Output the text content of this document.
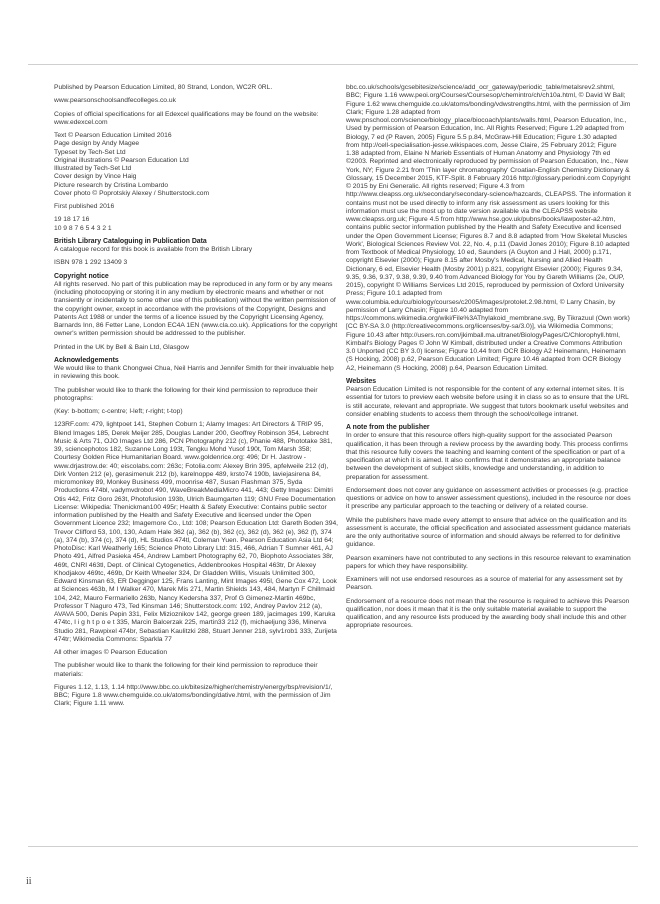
Published by Pearson Education Limited, 80 Strand, London, WC2R 0RL.

www.pearsonschoolsandfecolleges.co.uk

Copies of official specifications for all Edexcel qualifications may be found on the website: www.edexcel.com

Text © Pearson Education Limited 2016
Page design by Andy Magee
Typeset by Tech-Set Ltd
Original illustrations © Pearson Education Ltd
Illustrated by Tech-Set Ltd
Cover design by Vince Haig
Picture research by Cristina Lombardo
Cover photo © Poprotskiy Alexey / Shutterstock.com

First published 2016

19 18 17 16
10 9 8 7 6 5 4 3 2 1

British Library Cataloguing in Publication Data

A catalogue record for this book is available from the British Library

ISBN 978 1 292 13409 3

Copyright notice

All rights reserved. No part of this publication may be reproduced in any form or by any means (including photocopying or storing it in any medium by electronic means and whether or not transiently or incidentally to some other use of this publication) without the written permission of the copyright owner, except in accordance with the provisions of the Copyright, Designs and Patents Act 1988 or under the terms of a licence issued by the Copyright Licensing Agency, Barnards Inn, 86 Fetter Lane, London EC4A 1EN (www.cla.co.uk). Applications for the copyright owner's written permission should be addressed to the publisher.

Printed in the UK by Bell & Bain Ltd, Glasgow

Acknowledgements

We would like to thank Chongwei Chua, Neil Harris and Jennifer Smith for their invaluable help in reviewing this book.

The publisher would like to thank the following for their kind permission to reproduce their photographs:

(Key: b-bottom; c-centre; l-left; r-right; t-top)

123RF.com: 479, lightpoet 141, Stephen Coburn 1; Alamy Images: Art Directors & TRIP 95, Blend Images 185, Derek Meijer 285, Douglas Lander 200, Geoffrey Robinson 354, Lebrecht Music & Arts 71, OJO Images Ltd 286, PCN Photography 212 (c), Phanie 488, Phototake 381, 39, sciencephotos 182, Suzanne Long 193t, Tengku Mohd Yusof 190t, Tom Marsh 358; Courtesy Golden Rice Humanitarian Board. www.goldenrice.org: 496; Dr H. Jastrow - www.drjastrow.de: 40; eiscolabs.com: 263c; Fotolia.com: Alexey Brin 395, apfelweile 212 (d), Dirk Vonten 212 (e), gerasimenuk 212 (b), karelnoppe 489, krsto74 190b, laviejasirena 84, micromonkey 89, Monkey Business 499, moonrise 487, Susan Flashman 375, Syda Productions 474bl, vadymvdrobot 490, WaveBreakMediaMicro 441, 443; Getty Images: Dimitri Otis 442, Fritz Goro 263t, Photofusion 193b, Ulrich Baumgarten 119; GNU Free Documentation License: Wikipedia: Thenickman100 495r; Health & Safety Executive: Contains public sector information published by the Health and Safety Executive and licensed under the Open Government Licence 232; Imagemore Co., Ltd: 108; Pearson Education Ltd: Gareth Boden 394, Trevor Clifford 53, 100, 130, Adam Hale 362 (a), 362 (b), 362 (c), 362 (d), 362 (e), 362 (f), 374 (a), 374 (b), 374 (c), 374 (d), HL Studios 474tl, Coleman Yuen. Pearson Education Asia Ltd 64; PhotoDisc: Karl Weatherly 165; Science Photo Library Ltd: 315, 466, Adrian T Sumner 461, AJ Photo 491, Alfred Pasieka 454, Andrew Lambert Photography 62, 70, Biophoto Associates 38r, 469t, CNRI 463tl, Dept. of Clinical Cytogenetics, Addenbrookes Hospital 463tr, Dr Alexey Khodjakov 469tc, 469b, Dr Keith Wheeler 324, Dr Gladden Willis, Visuals Unlimited 300, Edward Kinsman 63, ER Degginger 125, Frans Lanting, Mint Images 495l, Gene Cox 472, Look at Sciences 463b, M I Walker 470, Marek Mis 271, Martin Shields 143, 484, Martyn F Chillmaid 104, 242, Mauro Fermariello 263b, Nancy Kedersha 337, Prof G Gimenez-Martin 469bc, Professor T Naguro 473, Ted Kinsman 146; Shutterstock.com: 192, Andrey Pavlov 212 (a), AVAVA 500, Denis Pepin 331, Felix Mizioznikov 142, george green 189, jacimages 199, Karuka 474tc, I i g h t p o e t 335, Marcin Balcerzak 225, martin33 212 (f), michaeljung 336, Minerva Studio 281, Rawpixel 474br, Sebastian Kaulitzki 288, Stuart Jenner 218, sylv1rob1 333, Zurijeta 474tr; Wikimedia Commons: Sparkla 77

All other images © Pearson Education

The publisher would like to thank the following for their kind permission to reproduce their materials:

Figures 1.12, 1.13, 1.14 http://www.bbc.co.uk/bitesize/higher/chemistry/energy/bsp/revision/1/, BBC; Figure 1.8 www.chemguide.co.uk/atoms/bonding/dative.html, with the permission of Jim Clark; Figure 1.11 www.

bbc.co.uk/schools/gcsebitesize/science/add_ocr_gateway/periodic_table/metalsrev2.shtml, BBC; Figure 1.16 www.peoi.org/Courses/Coursesop/chemintro/ch/ch10a.html, © David W Ball; Figure 1.62 www.chemguide.co.uk/atoms/bonding/vdwstrengths.html, with the permission of Jim Clark; Figure 1.28 adapted from www.pnschool.com/science/biology_place/biocoach/plants/walls.html, Pearson Education, Inc., Used by permission of Pearson Education, Inc. All Rights Reserved; Figure 1.29 adapted from Biology, 7 ed (P Raven, 2005) Figure 5.5 p.84, McGraw-Hill Education; Figure 1.30 adapted from http://cell-specialisation-jesse.wikispaces.com, Jesse Claire, 25 February 2012; Figure 1.38 adapted from, Elaine N Marieb Essentials of Human Anatomy and Physiology 7th ed ©2003. Reprinted and electronically reproduced by permission of Pearson Education, Inc., New York, NY; Figure 2.21 from 'Thin layer chromatography' Croatian-English Chemistry Dictionary & Glossary, 15 December 2015, KTF-Split. 8 February 2016 http://glossary.periodni.com Copyright © 2015 by Eni Generalic. All rights reserved; Figure 4.3 from http://www.cleapss.org.uk/secondary/secondary-science/hazcards, CLEAPSS. The information it contains must not be used directly to inform any risk assessment as users looking for this information must use the most up to date version available via the CLEAPSS website www.cleapss.org.uk; Figure 4.5 from http://www.hse.gov.uk/pubns/books/lawposter-a2.htm, contains public sector information published by the Health and Safety Executive and licensed under the Open Government License; Figures 8.7 and 8.8 adapted from 'How Skeletal Muscles Work', Biological Sciences Review Vol. 22, No. 4, p.11 (David Jones 2010); Figure 8.10 adapted from Textbook of Medical Physiology, 10 ed, Saunders (A Guyton and J Hall, 2000) p.171, copyright Elsevier (2000); Figure 8.15 after Mosby's Medical, Nursing and Allied Health Dictionary, 6 ed, Elsevier Health (Mosby 2001) p.821, copyright Elsevier (2000); Figures 9.34, 9.35, 9.36, 9.37, 9.38, 9.39, 9.40 from Advanced Biology for You by Gareth Williams (2e, OUP, 2015), copyright © Williams Services Ltd 2015, reproduced by permission of Oxford University Press; Figure 10.1 adapted from www.columbia.edu/cu/biology/courses/c2005/images/protolet.2.98.html, © Larry Chasin, by permission of Larry Chasin; Figure 10.40 adapted from https://commons.wikimedia.org/wiki/File%3AThylakoid_membrane.svg, By Tikrazuul (Own work) [CC BY-SA 3.0 (http://creativecommons.org/licenses/by-sa/3.0)], via Wikimedia Commons; Figure 10.43 after http://users.rcn.com/jkimball.ma.ultranet/BiologyPages/C/Chlorophyll.html, Kimball's Biology Pages © John W Kimball, distributed under a Creative Commons Attribution 3.0 Unported (CC BY 3.0) license; Figure 10.44 from OCR Biology A2 Heinemann, Heinemann (S Hocking, 2008) p.62, Pearson Education Limited; Figure 10.46 adapted from OCR Biology A2, Heinemann (S Hocking, 2008) p.64, Pearson Education Limited.

Websites

Pearson Education Limited is not responsible for the content of any external internet sites. It is essential for tutors to preview each website before using it in class so as to ensure that the URL is still accurate, relevant and appropriate. We suggest that tutors bookmark useful websites and consider enabling students to access them through the school/college intranet.

A note from the publisher

In order to ensure that this resource offers high-quality support for the associated Pearson qualification, it has been through a review process by the awarding body. This process confirms that this resource fully covers the teaching and learning content of the specification or part of a specification at which it is aimed. It also confirms that it demonstrates an appropriate balance between the development of subject skills, knowledge and understanding, in addition to preparation for assessment.

Endorsement does not cover any guidance on assessment activities or processes (e.g. practice questions or advice on how to answer assessment questions), included in the resource nor does it prescribe any particular approach to the teaching or delivery of a related course.

While the publishers have made every attempt to ensure that advice on the qualification and its assessment is accurate, the official specification and associated assessment guidance materials are the only authoritative source of information and should always be referred to for definitive guidance.

Pearson examiners have not contributed to any sections in this resource relevant to examination papers for which they have responsibility.

Examiners will not use endorsed resources as a source of material for any assessment set by Pearson.

Endorsement of a resource does not mean that the resource is required to achieve this Pearson qualification, nor does it mean that it is the only suitable material available to support the qualification, and any resource lists produced by the awarding body shall include this and other appropriate resources.

ii
